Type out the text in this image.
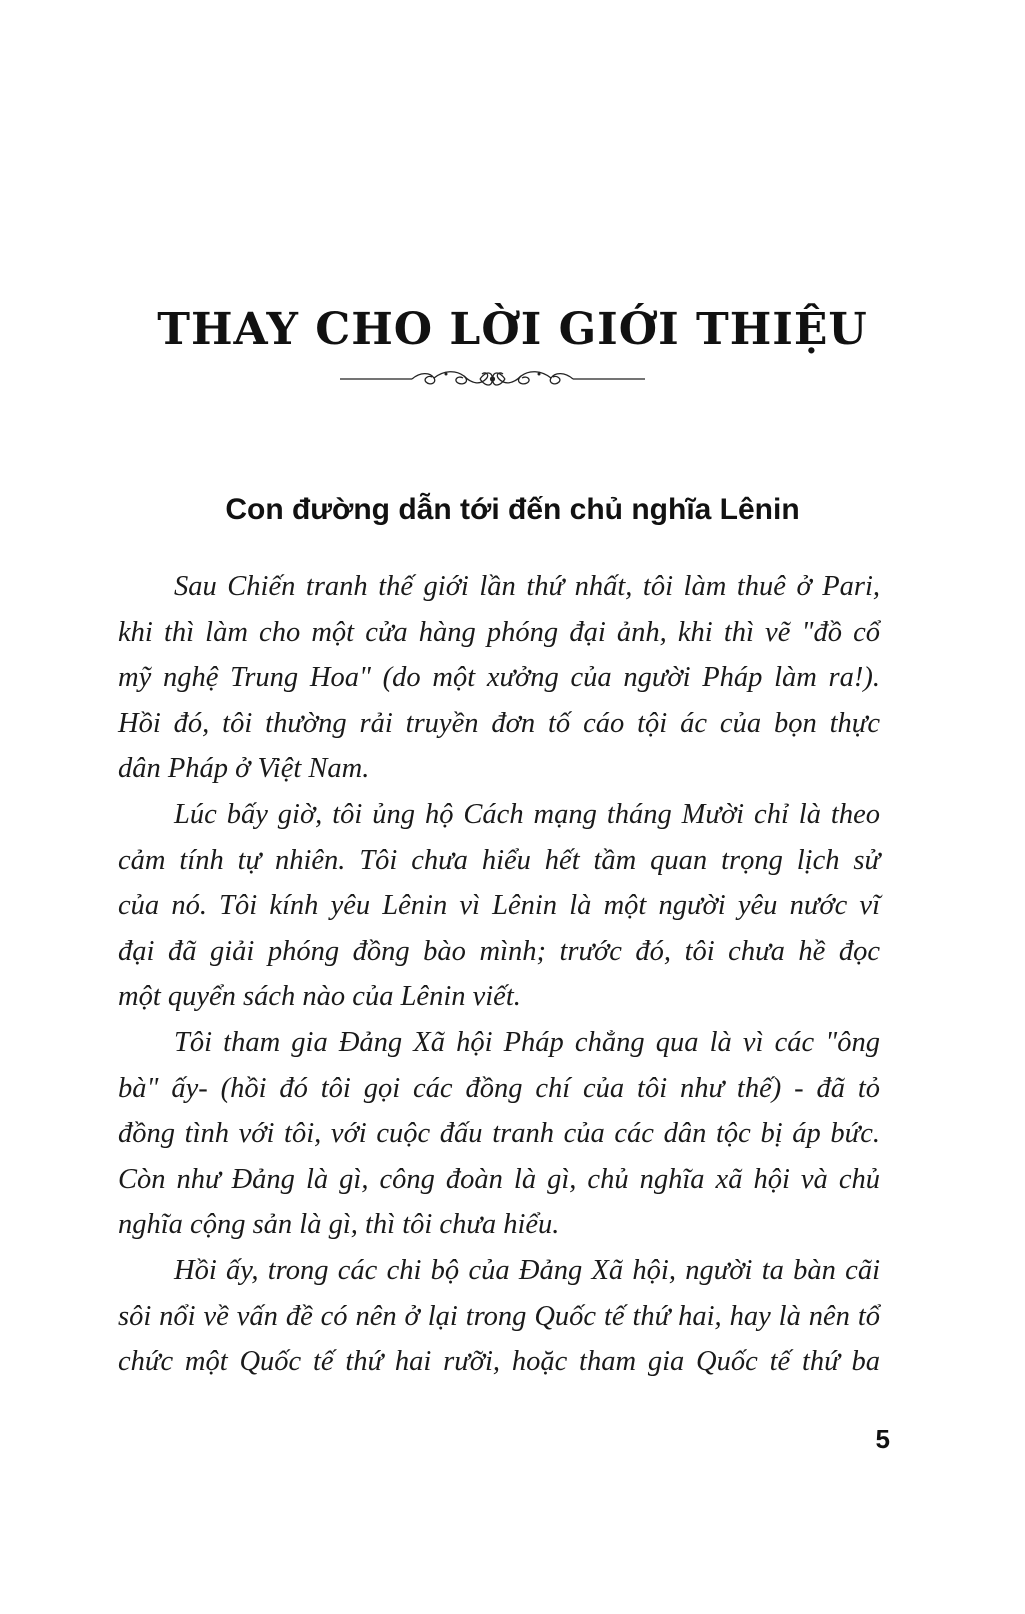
THAY CHO LỜI GIỚI THIỆU
Con đường dẫn tới đến chủ nghĩa Lênin

Sau Chiến tranh thế giới lần thứ nhất, tôi làm thuê ở Pari,
khi thì làm cho một cửa hàng phóng đại ảnh, khi thì vẽ "đồ cổ
mỹ nghệ Trung Hoa" (do một xưởng của người Pháp làm ra!).
Hồi đó, tôi thường rải truyền đơn tố cáo tội ác của bọn thực
dân Pháp ở Việt Nam.

Lúc bấy giờ, tôi ủng hộ Cách mạng tháng Mười chỉ là theo
cảm tính tự nhiên. Tôi chưa hiểu hết tầm quan trọng lịch sử
của nó. Tôi kính yêu Lênin vì Lênin là một người yêu nước vĩ
đại đã giải phóng đồng bào mình; trước đó, tôi chưa hề đọc
một quyển sách nào của Lênin viết.

Tôi tham gia Đảng Xã hội Pháp chẳng qua là vì các "ông
bà" ấy- (hồi đó tôi gọi các đồng chí của tôi như thế) - đã tỏ
đồng tình với tôi, với cuộc đấu tranh của các dân tộc bị áp bức.
Còn như Đảng là gì, công đoàn là gì, chủ nghĩa xã hội và chủ
nghĩa cộng sản là gì, thì tôi chưa hiểu.

Hồi ấy, trong các chi bộ của Đảng Xã hội, người ta bàn cãi
sôi nổi về vấn đề có nên ở lại trong Quốc tế thứ hai, hay là nên tổ
chức một Quốc tế thứ hai rưỡi, hoặc tham gia Quốc tế thứ ba

5
